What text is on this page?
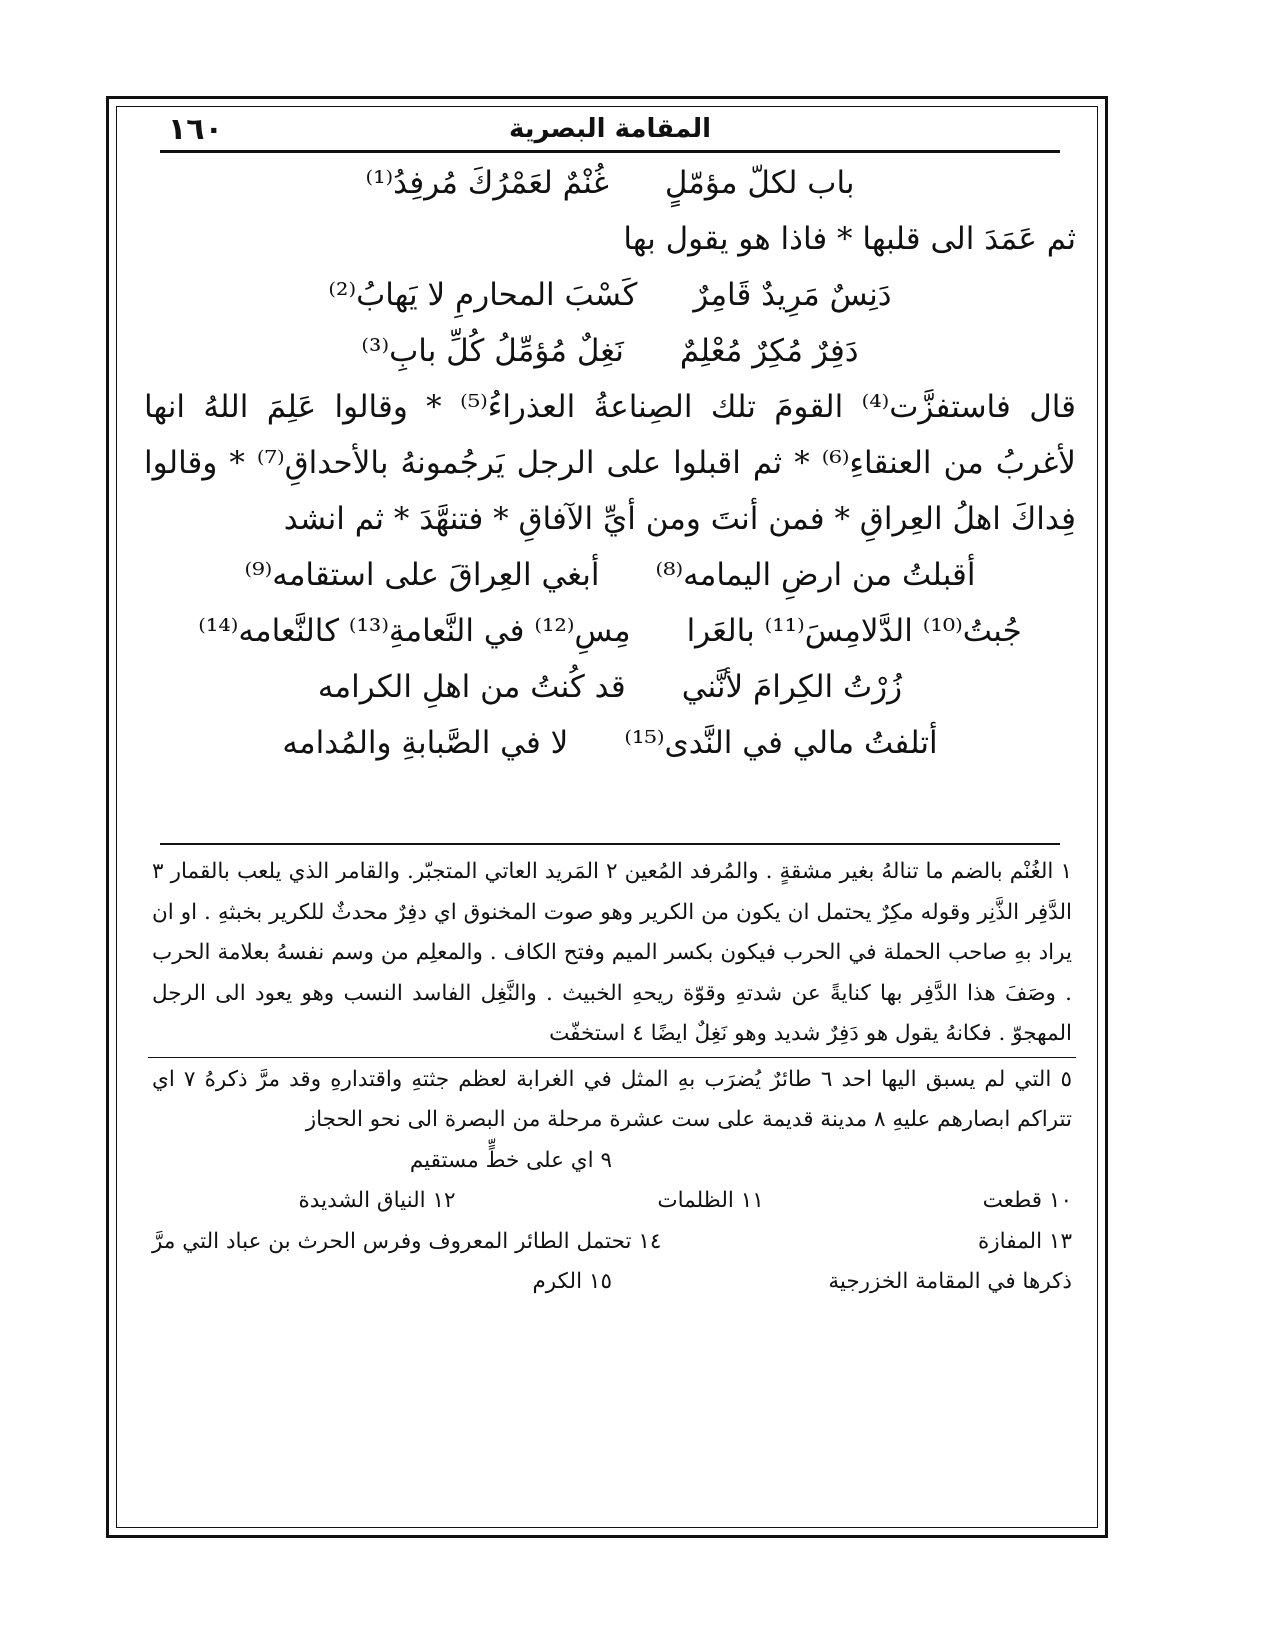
١٦٠	المقامة البصرية
باب لكلّ مؤمّلٍ
غُنْمٌ لعَمْرُكَ مُرفِدُ⁽¹⁾
ثم عَمَدَ الى قلبها * فاذا هو يقول بها
دَنِسٌ مَرِيدٌ قَامِرٌ
كَسْبَ المحارمِ لا يَهابُ⁽²⁾
دَفِرٌ مُكِرٌ مُعْلِمٌ
نَغِلٌ مُؤمِّلُ كُلِّ بابِ⁽³⁾
قال فاستفزَّت⁽⁴⁾ القومَ تلك الصِناعةُ العذراءُ⁽⁵⁾ * وقالوا عَلِمَ اللهُ انها لأغربُ من العنقاءِ⁽⁶⁾ * ثم اقبلوا على الرجل يَرجُمونهُ بالأحداقِ⁽⁷⁾ * وقالوا فِداكَ اهلُ العِراقِ * فمن أنتَ ومن أيِّ الآفاقِ * فتنهَّدَ * ثم انشد
أقبلتُ من ارضِ اليمامه⁽⁸⁾
أبغي العِراقَ على استقامه⁽⁹⁾
جُبتُ⁽¹⁰⁾ الدَّلامِسَ⁽¹¹⁾ بالعَرا
مِسِ⁽¹²⁾ في النَّعامةِ⁽¹³⁾ كالنَّعامه⁽¹⁴⁾
زُرْتُ الكِرامَ لأنَّني
قد كُنتُ من اهلِ الكرامه
أتلفتُ مالي في النَّدى⁽¹⁵⁾
لا في الصَّبابةِ والمُدامه
١ الغُنْم بالضم ما تنالهُ بغير مشقةٍ . والمُرفد المُعين ٢ المَريد العاتي المتجبّر. والقامر الذي يلعب بالقمار ٣ الدَّفِر الذَّنِر وقوله مكِرٌ يحتمل ان يكون من الكرير وهو صوت المخنوق اي دفِرٌ محدثٌ للكرير بخبثهِ . او ان يراد بهِ صاحب الحملة في الحرب فيكون بكسر الميم وفتح الكاف . والمعلِم من وسم نفسهُ بعلامة الحرب . وصَفَ هذا الدَّفِر بها كنايةً عن شدتهِ وقوّة ريحهِ الخبيث . والنَّغِل الفاسد النسب وهو يعود الى الرجل المهجوّ . فكانهُ يقول هو دَفِرٌ شديد وهو نَغِلٌ ايضًا ٤ استخفّت
٥ التي لم يسبق اليها احد ٦ طائرٌ يُضرَب بهِ المثل في الغرابة لعظم جثتهِ واقتدارهِ وقد مرَّ ذكرهُ ٧ اي تتراكم ابصارهم عليهِ ٨ مدينة قديمة على ست عشرة مرحلة من البصرة الى نحو الحجاز
٩ اي على خطٍّ مستقيم
١٠ قطعت
١١ الظلمات
١٢ النياق الشديدة
١٣ المفازة
١٤ تحتمل الطائر المعروف وفرس الحرث بن عباد التي مرَّ
ذكرها في المقامة الخزرجية
١٥ الكرم
